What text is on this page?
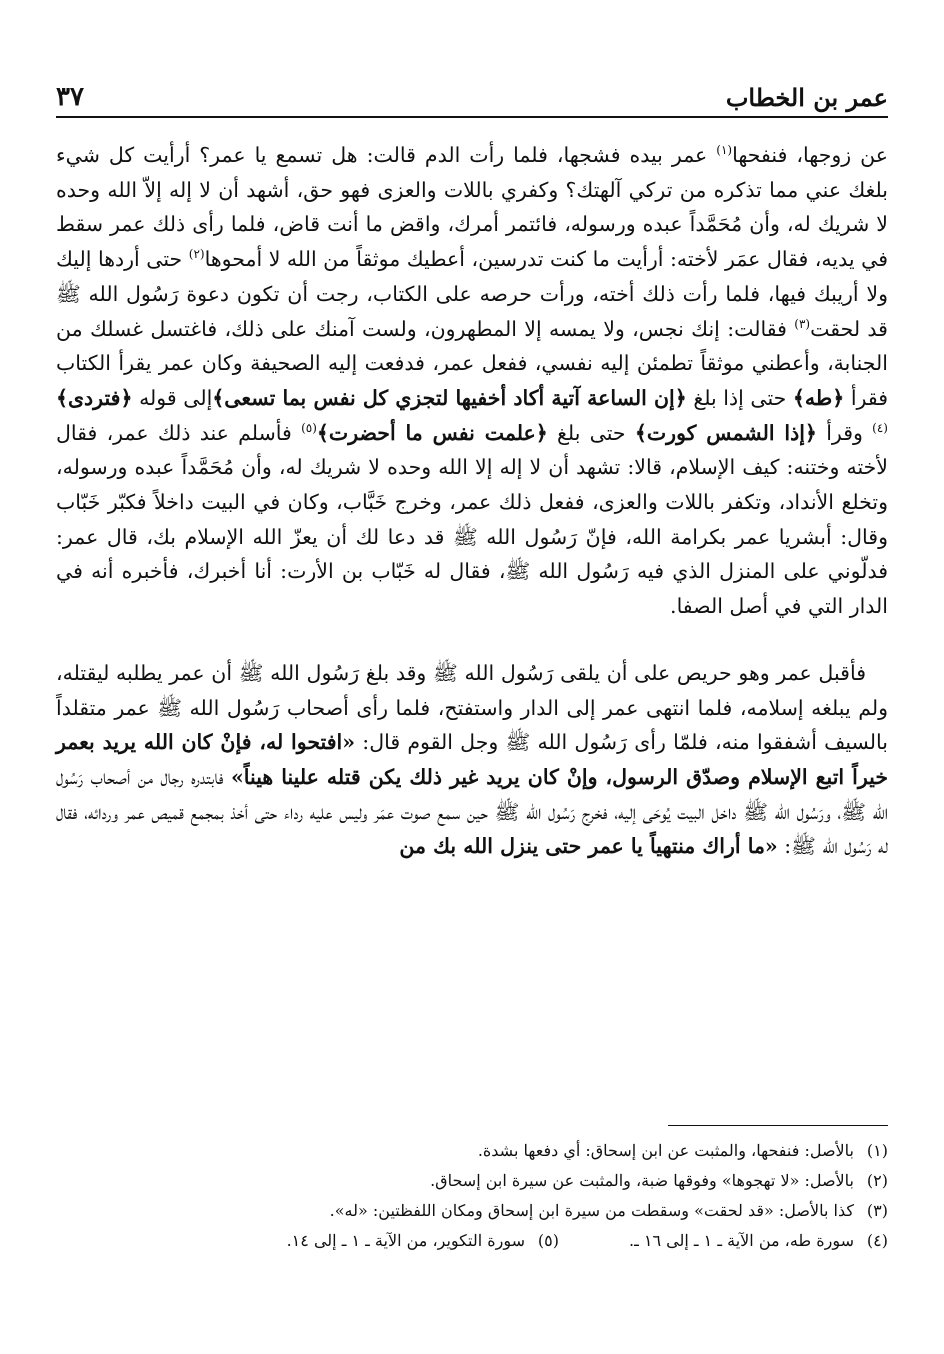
عمر بن الخطاب
٣٧

عن زوجها، فنفحها$^{(١)}$ عمر بيده فشجها، فلما رأت الدم قالت: هل تسمع يا عمر؟ أرأيت كل شيء بلغك عني مما تذكره من تركي آلهتك؟ وكفري باللات والعزى فهو حق، أشهد أن لا إله إلاّ الله وحده لا شريك له، وأن مُحَمَّداً عبده ورسوله، فائتمر أمرك، واقض ما أنت قاض، فلما رأى ذلك عمر سقط في يديه، فقال عمَر لأخته: أرأيت ما كنت تدرسين، أعطيك موثقاً من الله لا أمحوها$^{(٢)}$ حتى أردها إليك ولا أريبك فيها، فلما رأت ذلك أخته، ورأت حرصه على الكتاب، رجت أن تكون دعوة رَسُول الله ﷺ قد لحقت$^{(٣)}$ فقالت: إنك نجس، ولا يمسه إلا المطهرون، ولست آمنك على ذلك، فاغتسل غسلك من الجنابة، وأعطني موثقاً تطمئن إليه نفسي، ففعل عمر، فدفعت إليه الصحيفة وكان عمر يقرأ الكتاب فقرأ ﴿طه﴾ حتى إذا بلغ ﴿إن الساعة آتية أكاد أخفيها لتجزي كل نفس بما تسعى﴾إلى قوله ﴿فتردى﴾$^{(٤)}$ وقرأ ﴿إذا الشمس كورت﴾ حتى بلغ ﴿علمت نفس ما أحضرت﴾$^{(٥)}$ فأسلم عند ذلك عمر، فقال لأخته وختنه: كيف الإسلام، قالا: تشهد أن لا إله إلا الله وحده لا شريك له، وأن مُحَمَّداً عبده ورسوله، وتخلع الأنداد، وتكفر باللات والعزى، ففعل ذلك عمر، وخرج خَبَّاب، وكان في البيت داخلاً فكبّر خَبّاب وقال: أبشريا عمر بكرامة الله، فإنّ رَسُول الله ﷺ قد دعا لك أن يعزّ الله الإسلام بك، قال عمر: فدلّوني على المنزل الذي فيه رَسُول الله ﷺ، فقال له خَبّاب بن الأرت: أنا أخبرك، فأخبره أنه في الدار التي في أصل الصفا.

فأقبل عمر وهو حريص على أن يلقى رَسُول الله ﷺ وقد بلغ رَسُول الله ﷺ أن عمر يطلبه ليقتله، ولم يبلغه إسلامه، فلما انتهى عمر إلى الدار واستفتح، فلما رأى أصحاب رَسُول الله ﷺ عمر متقلداً بالسيف أشفقوا منه، فلمّا رأى رَسُول الله ﷺ وجل القوم قال: «افتحوا له، فإنْ كان الله يريد بعمر خيراً اتبع الإسلام وصدّق الرسول، وإنْ كان يريد غير ذلك يكن قتله علينا هيناً» فابتدره رجال من أصحاب رَسُول الله ﷺ، ورَسُول الله ﷺ داخل البيت يُوحَى إليه، فخرج رَسُول الله ﷺ حين سمع صوت عمَر وليس عليه رداء حتى أخذ بمجمع قميص عمر وردائه، فقال له رَسُول الله ﷺ: «ما أراك منتهياً يا عمر حتى ينزل الله بك من

(١)
بالأصل: فنفحها، والمثبت عن ابن إسحاق: أي دفعها بشدة.
(٢)
بالأصل: «لا تهجوها» وفوقها ضبة، والمثبت عن سيرة ابن إسحاق.
(٣)
كذا بالأصل: «قد لحقت» وسقطت من سيرة ابن إسحاق ومكان اللفظتين: «له».
(٤)
سورة طه، من الآية ـ ١ ـ إلى ١٦ ـ.
(٥)
سورة التكوير، من الآية ـ ١ ـ إلى ١٤.
